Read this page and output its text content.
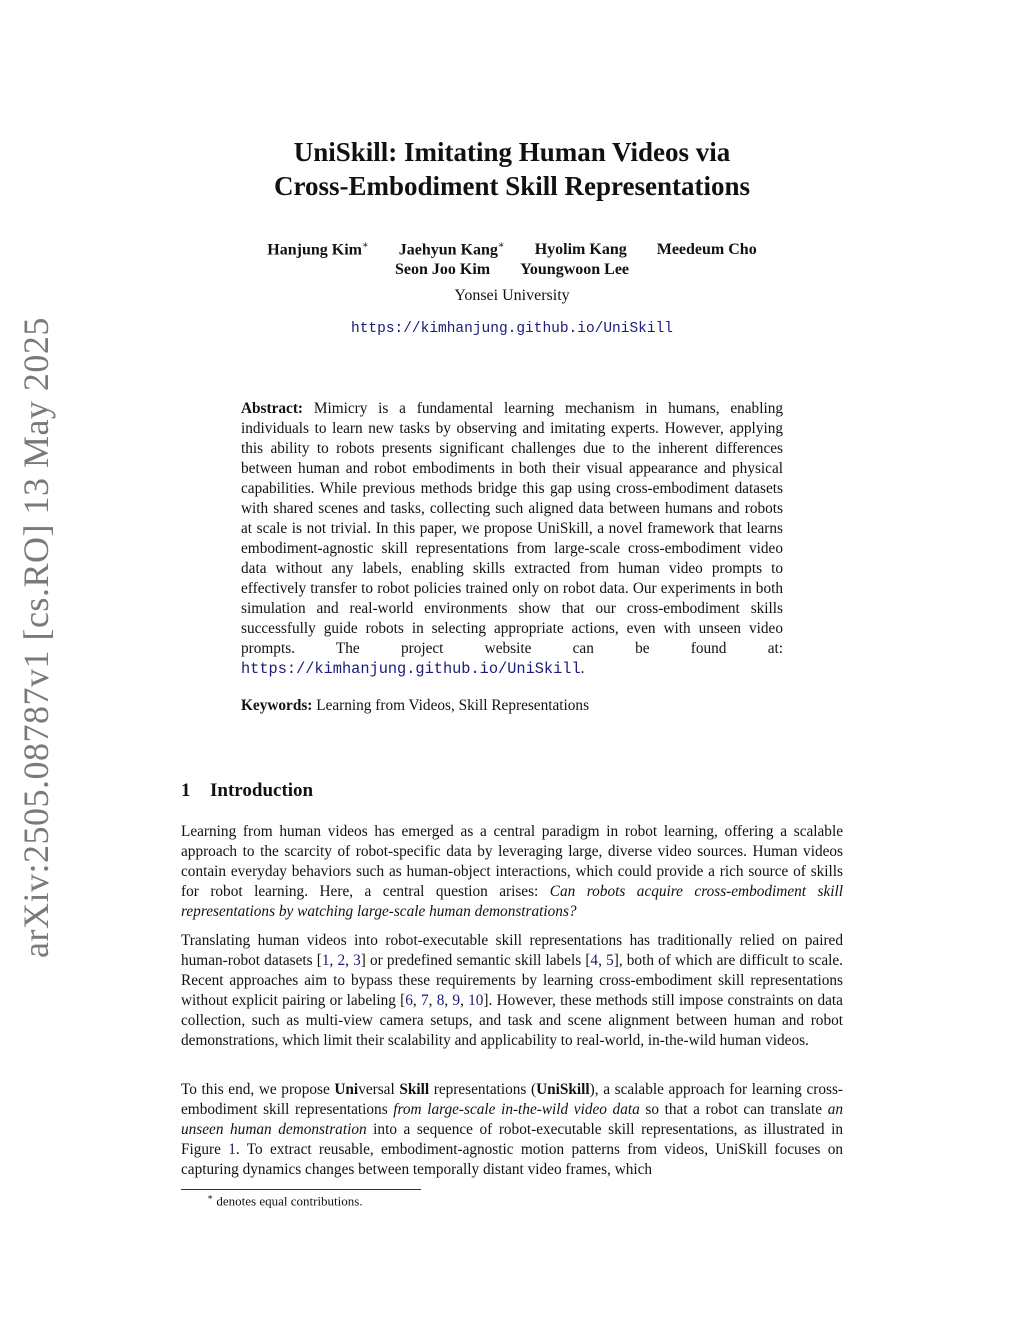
arXiv:2505.08787v1 [cs.RO] 13 May 2025
UniSkill: Imitating Human Videos via
Cross-Embodiment Skill Representations
Hanjung Kim∗ Jaehyun Kang∗ Hyolim Kang Meedeum Cho
Seon Joo Kim Youngwoon Lee
Yonsei University
https://kimhanjung.github.io/UniSkill
Abstract: Mimicry is a fundamental learning mechanism in humans, enabling individuals to learn new tasks by observing and imitating experts. However, applying this ability to robots presents significant challenges due to the inherent differences between human and robot embodiments in both their visual appearance and physical capabilities. While previous methods bridge this gap using cross-embodiment datasets with shared scenes and tasks, collecting such aligned data between humans and robots at scale is not trivial. In this paper, we propose UniSkill, a novel framework that learns embodiment-agnostic skill representations from large-scale cross-embodiment video data without any labels, enabling skills extracted from human video prompts to effectively transfer to robot policies trained only on robot data. Our experiments in both simulation and real-world environments show that our cross-embodiment skills successfully guide robots in selecting appropriate actions, even with unseen video prompts. The project website can be found at: https://kimhanjung.github.io/UniSkill.
Keywords: Learning from Videos, Skill Representations
1 Introduction

Learning from human videos has emerged as a central paradigm in robot learning, offering a scalable approach to the scarcity of robot-specific data by leveraging large, diverse video sources. Human videos contain everyday behaviors such as human-object interactions, which could provide a rich source of skills for robot learning. Here, a central question arises: Can robots acquire cross-embodiment skill representations by watching large-scale human demonstrations?

Translating human videos into robot-executable skill representations has traditionally relied on paired human-robot datasets [1, 2, 3] or predefined semantic skill labels [4, 5], both of which are difficult to scale. Recent approaches aim to bypass these requirements by learning cross-embodiment skill representations without explicit pairing or labeling [6, 7, 8, 9, 10]. However, these methods still impose constraints on data collection, such as multi-view camera setups, and task and scene alignment between human and robot demonstrations, which limit their scalability and applicability to real-world, in-the-wild human videos.

To this end, we propose Universal Skill representations (UniSkill), a scalable approach for learning cross-embodiment skill representations from large-scale in-the-wild video data so that a robot can translate an unseen human demonstration into a sequence of robot-executable skill representations, as illustrated in Figure 1. To extract reusable, embodiment-agnostic motion patterns from videos, UniSkill focuses on capturing dynamics changes between temporally distant video frames, which

∗ denotes equal contributions.
